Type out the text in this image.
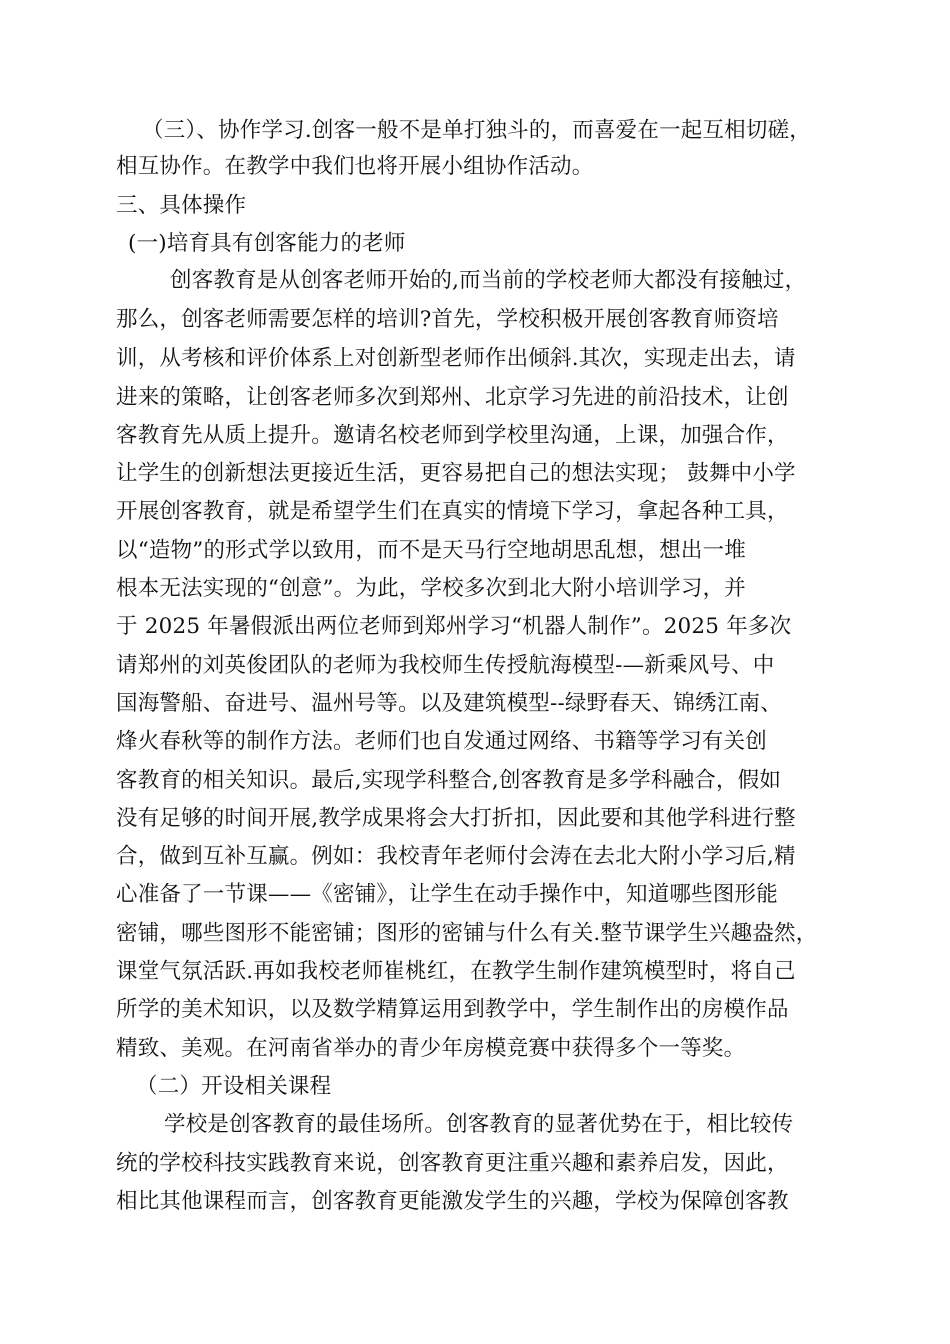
（三）、协作学习.创客一般不是单打独斗的，而喜爱在一起互相切磋，
相互协作。在教学中我们也将开展小组协作活动。
三、具体操作
(一)培育具有创客能力的老师
创客教育是从创客老师开始的,而当前的学校老师大都没有接触过，
那么，创客老师需要怎样的培训?首先，学校积极开展创客教育师资培
训，从考核和评价体系上对创新型老师作出倾斜.其次，实现走出去，请
进来的策略，让创客老师多次到郑州、北京学习先进的前沿技术，让创
客教育先从质上提升。邀请名校老师到学校里沟通，上课，加强合作，
让学生的创新想法更接近生活，更容易把自己的想法实现； 鼓舞中小学
开展创客教育，就是希望学生们在真实的情境下学习，拿起各种工具，
以“造物”的形式学以致用，而不是天马行空地胡思乱想，想出一堆
根本无法实现的“创意”。为此，学校多次到北大附小培训学习，并
于 2025 年暑假派出两位老师到郑州学习“机器人制作”。2025 年多次
请郑州的刘英俊团队的老师为我校师生传授航海模型-—新乘风号、中
国海警船、奋进号、温州号等。以及建筑模型--绿野春天、锦绣江南、
烽火春秋等的制作方法。老师们也自发通过网络、书籍等学习有关创
客教育的相关知识。最后,实现学科整合,创客教育是多学科融合，假如
没有足够的时间开展,教学成果将会大打折扣，因此要和其他学科进行整
合，做到互补互赢。例如：我校青年老师付会涛在去北大附小学习后,精
心准备了一节课——《密铺》，让学生在动手操作中，知道哪些图形能
密铺，哪些图形不能密铺；图形的密铺与什么有关.整节课学生兴趣盎然，
课堂气氛活跃.再如我校老师崔桃红，在教学生制作建筑模型时，将自己
所学的美术知识，以及数学精算运用到教学中，学生制作出的房模作品
精致、美观。在河南省举办的青少年房模竞赛中获得多个一等奖。
（二）开设相关课程
学校是创客教育的最佳场所。创客教育的显著优势在于，相比较传
统的学校科技实践教育来说，创客教育更注重兴趣和素养启发，因此，
相比其他课程而言，创客教育更能激发学生的兴趣，学校为保障创客教
